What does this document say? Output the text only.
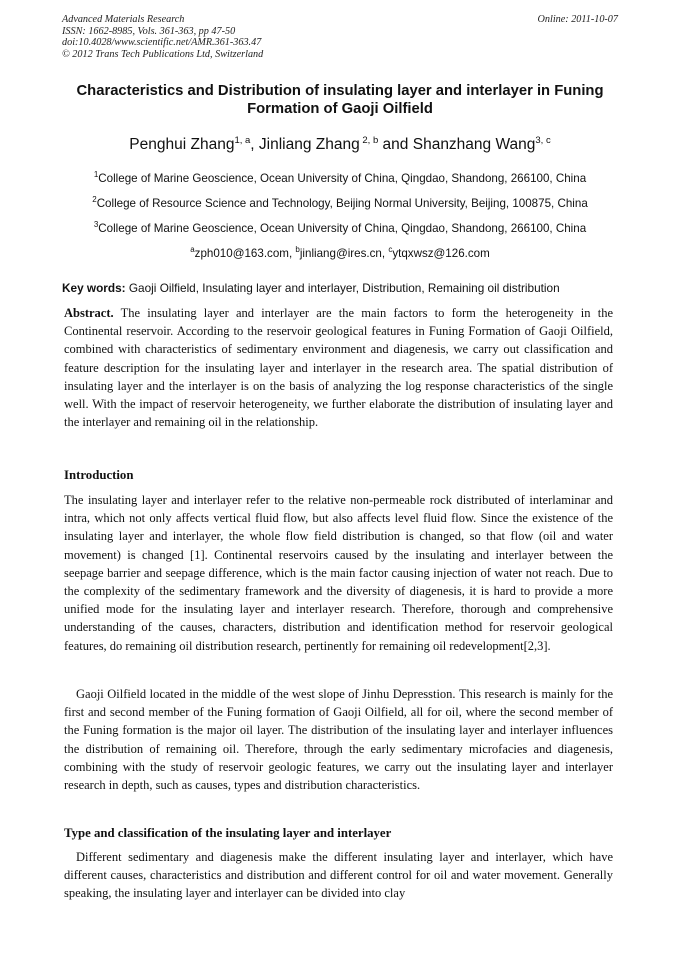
Advanced Materials Research
ISSN: 1662-8985, Vols. 361-363, pp 47-50
doi:10.4028/www.scientific.net/AMR.361-363.47
© 2012 Trans Tech Publications Ltd, Switzerland
Online: 2011-10-07
Characteristics and Distribution of insulating layer and interlayer in Funing Formation of Gaoji Oilfield
Penghui Zhang$^{1, a}$, Jinliang Zhang $^{2, b}$ and Shanzhang Wang$^{3, c}$
$^1$College of Marine Geoscience, Ocean University of China, Qingdao, Shandong, 266100, China
$^2$College of Resource Science and Technology, Beijing Normal University, Beijing, 100875, China
$^3$College of Marine Geoscience, Ocean University of China, Qingdao, Shandong, 266100, China
$^a$zph010@163.com, $^b$jinliang@ires.cn, $^c$ytqxwsz@126.com
Key words: Gaoji Oilfield, Insulating layer and interlayer, Distribution, Remaining oil distribution
Abstract. The insulating layer and interlayer are the main factors to form the heterogeneity in the Continental reservoir. According to the reservoir geological features in Funing Formation of Gaoji Oilfield, combined with characteristics of sedimentary environment and diagenesis, we carry out classification and feature description for the insulating layer and interlayer in the research area. The spatial distribution of insulating layer and the interlayer is on the basis of analyzing the log response characteristics of the single well. With the impact of reservoir heterogeneity, we further elaborate the distribution of insulating layer and the interlayer and remaining oil in the relationship.
Introduction
The insulating layer and interlayer refer to the relative non-permeable rock distributed of interlaminar and intra, which not only affects vertical fluid flow, but also affects level fluid flow. Since the existence of the insulating layer and interlayer, the whole flow field distribution is changed, so that flow (oil and water movement) is changed [1]. Continental reservoirs caused by the insulating and interlayer between the seepage barrier and seepage difference, which is the main factor causing injection of water not reach. Due to the complexity of the sedimentary framework and the diversity of diagenesis, it is hard to provide a more unified mode for the insulating layer and interlayer research. Therefore, thorough and comprehensive understanding of the causes, characters, distribution and identification method for reservoir geological features, do remaining oil distribution research, pertinently for remaining oil redevelopment[2,3].
Gaoji Oilfield located in the middle of the west slope of Jinhu Depresstion. This research is mainly for the first and second member of the Funing formation of Gaoji Oilfield, all for oil, where the second member of the Funing formation is the major oil layer. The distribution of the insulating layer and interlayer influences the distribution of remaining oil. Therefore, through the early sedimentary microfacies and diagenesis, combining with the study of reservoir geologic features, we carry out the insulating layer and interlayer research in depth, such as causes, types and distribution characteristics.
Type and classification of the insulating layer and interlayer
Different sedimentary and diagenesis make the different insulating layer and interlayer, which have different causes, characteristics and distribution and different control for oil and water movement. Generally speaking, the insulating layer and interlayer can be divided into clay
